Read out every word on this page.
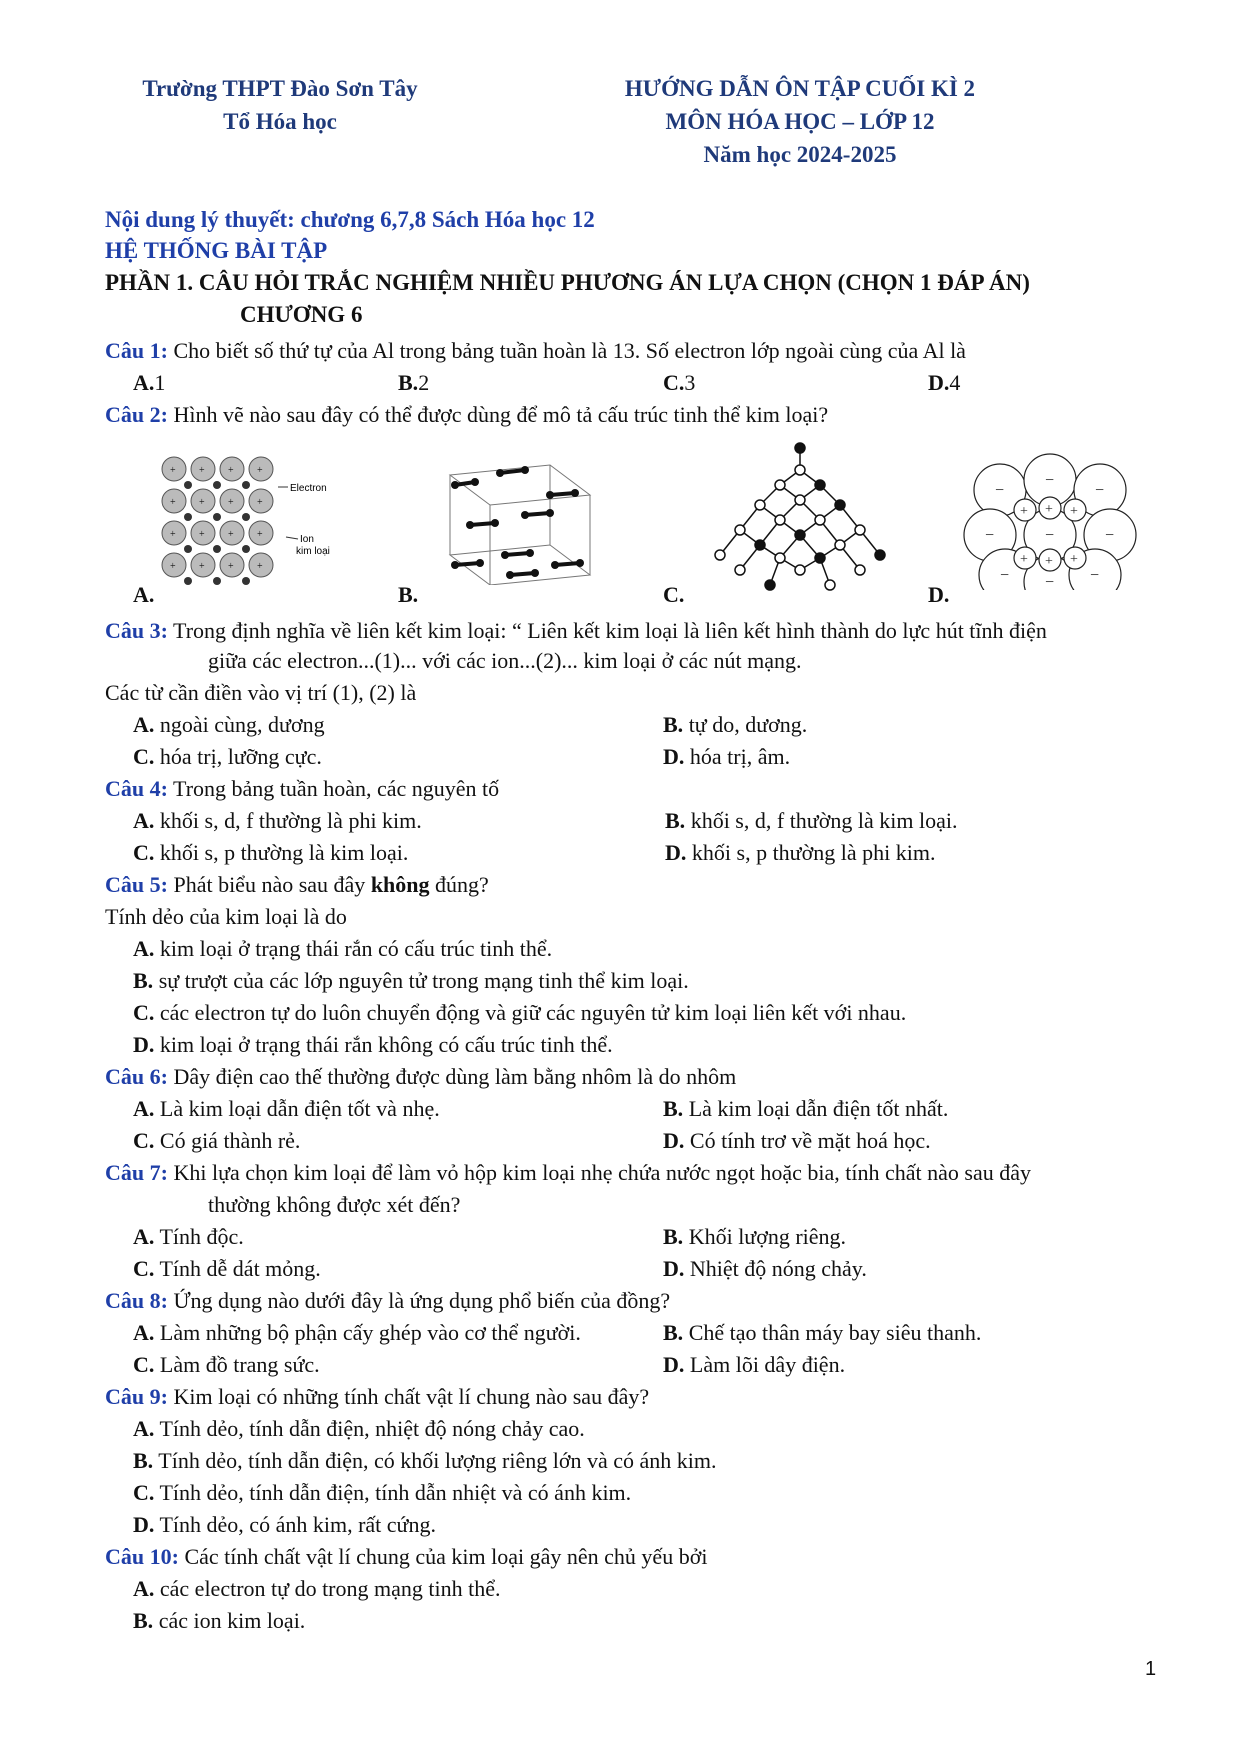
Trường THPT Đào Sơn Tây
Tổ Hóa học
HƯỚNG DẪN ÔN TẬP CUỐI KÌ 2
MÔN HÓA HỌC – LỚP 12
Năm học 2024-2025
Nội dung lý thuyết: chương 6,7,8 Sách Hóa học 12
HỆ THỐNG BÀI TẬP
PHẦN 1. CÂU HỎI TRẮC NGHIỆM NHIỀU PHƯƠNG ÁN LỰA CHỌN (CHỌN 1 ĐÁP ÁN)
CHƯƠNG 6
Câu 1: Cho biết số thứ tự của Al trong bảng tuần hoàn là 13. Số electron lớp ngoài cùng của Al là
A.1	B.2	C.3	D.4
Câu 2: Hình vẽ nào sau đây có thể được dùng để mô tả cấu trúc tinh thể kim loại?
+ + + +
+ + + +
+ + + +
+ + + +
Electron
Ion
kim loại
A.	B.	C.
−
−
−
−	−	−
− − −
+	+
+	+
+
+
D.
Câu 3: Trong định nghĩa về liên kết kim loại: “ Liên kết kim loại là liên kết hình thành do lực hút tĩnh điện
giữa các electron...(1)... với các ion...(2)... kim loại ở các nút mạng.
Các từ cần điền vào vị trí (1), (2) là
A. ngoài cùng, dương	B. tự do, dương.
C. hóa trị, lưỡng cực.	D. hóa trị, âm.
Câu 4: Trong bảng tuần hoàn, các nguyên tố
A. khối s, d, f thường là phi kim.	B. khối s, d, f thường là kim loại.
C. khối s, p thường là kim loại.	D. khối s, p thường là phi kim.
Câu 5: Phát biểu nào sau đây không đúng?
Tính dẻo của kim loại là do
A. kim loại ở trạng thái rắn có cấu trúc tinh thể.
B. sự trượt của các lớp nguyên tử trong mạng tinh thể kim loại.
C. các electron tự do luôn chuyển động và giữ các nguyên tử kim loại liên kết với nhau.
D. kim loại ở trạng thái rắn không có cấu trúc tinh thể.
Câu 6: Dây điện cao thế thường được dùng làm bằng nhôm là do nhôm
A. Là kim loại dẫn điện tốt và nhẹ.	B. Là kim loại dẫn điện tốt nhất.
C. Có giá thành rẻ.	D. Có tính trơ về mặt hoá học.
Câu 7: Khi lựa chọn kim loại để làm vỏ hộp kim loại nhẹ chứa nước ngọt hoặc bia, tính chất nào sau đây
thường không được xét đến?
A. Tính độc.	B. Khối lượng riêng.
C. Tính dễ dát mỏng.	D. Nhiệt độ nóng chảy.
Câu 8: Ứng dụng nào dưới đây là ứng dụng phổ biến của đồng?
A. Làm những bộ phận cấy ghép vào cơ thể người.	B. Chế tạo thân máy bay siêu thanh.
C. Làm đồ trang sức.	D. Làm lõi dây điện.
Câu 9: Kim loại có những tính chất vật lí chung nào sau đây?
A. Tính dẻo, tính dẫn điện, nhiệt độ nóng chảy cao.
B. Tính dẻo, tính dẫn điện, có khối lượng riêng lớn và có ánh kim.
C. Tính dẻo, tính dẫn điện, tính dẫn nhiệt và có ánh kim.
D. Tính dẻo, có ánh kim, rất cứng.
Câu 10: Các tính chất vật lí chung của kim loại gây nên chủ yếu bởi
A. các electron tự do trong mạng tinh thể.
B. các ion kim loại.
1
